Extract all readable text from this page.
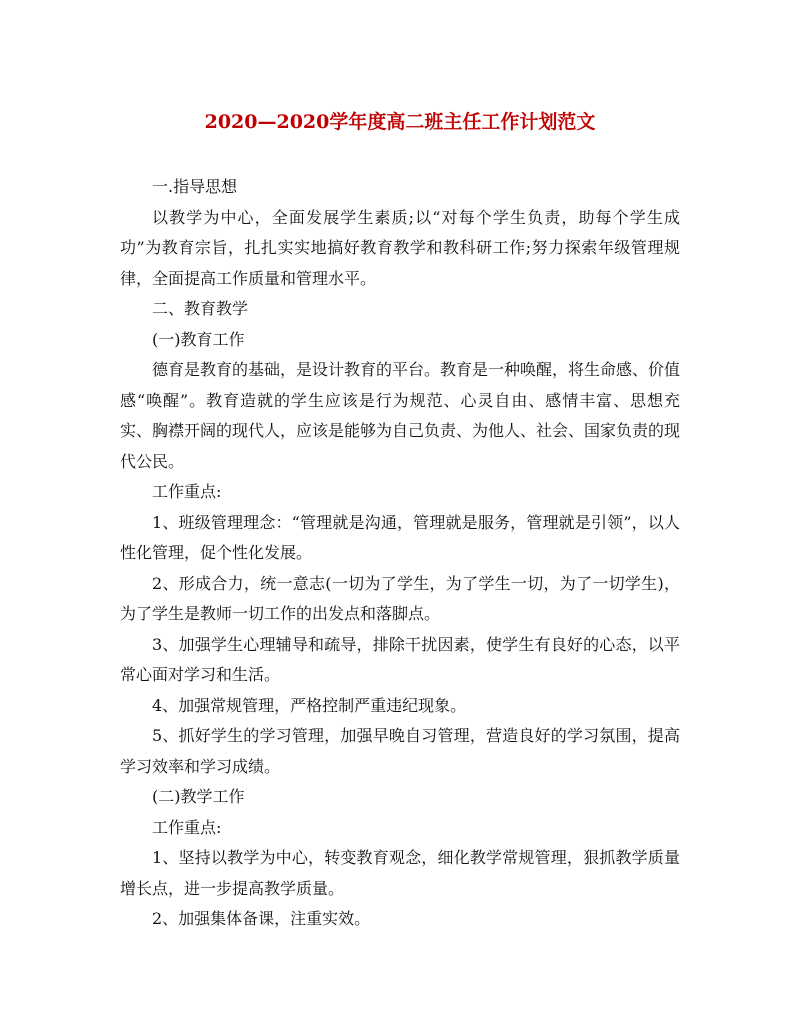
2020—2020学年度高二班主任工作计划范文

一.指导思想

以教学为中心，全面发展学生素质;以“对每个学生负责，助每个学生成功”为教育宗旨，扎扎实实地搞好教育教学和教科研工作;努力探索年级管理规律，全面提高工作质量和管理水平。

二、教育教学

(一)教育工作

德育是教育的基础，是设计教育的平台。教育是一种唤醒，将生命感、价值感“唤醒”。教育造就的学生应该是行为规范、心灵自由、感情丰富、思想充实、胸襟开阔的现代人，应该是能够为自己负责、为他人、社会、国家负责的现代公民。

工作重点:

1、班级管理理念：“管理就是沟通，管理就是服务，管理就是引领”，以人性化管理，促个性化发展。

2、形成合力，统一意志(一切为了学生，为了学生一切，为了一切学生)，为了学生是教师一切工作的出发点和落脚点。

3、加强学生心理辅导和疏导，排除干扰因素，使学生有良好的心态，以平常心面对学习和生活。

4、加强常规管理，严格控制严重违纪现象。

5、抓好学生的学习管理，加强早晚自习管理，营造良好的学习氛围，提高学习效率和学习成绩。

(二)教学工作

工作重点:

1、坚持以教学为中心，转变教育观念，细化教学常规管理，狠抓教学质量增长点，进一步提高教学质量。

2、加强集体备课，注重实效。
